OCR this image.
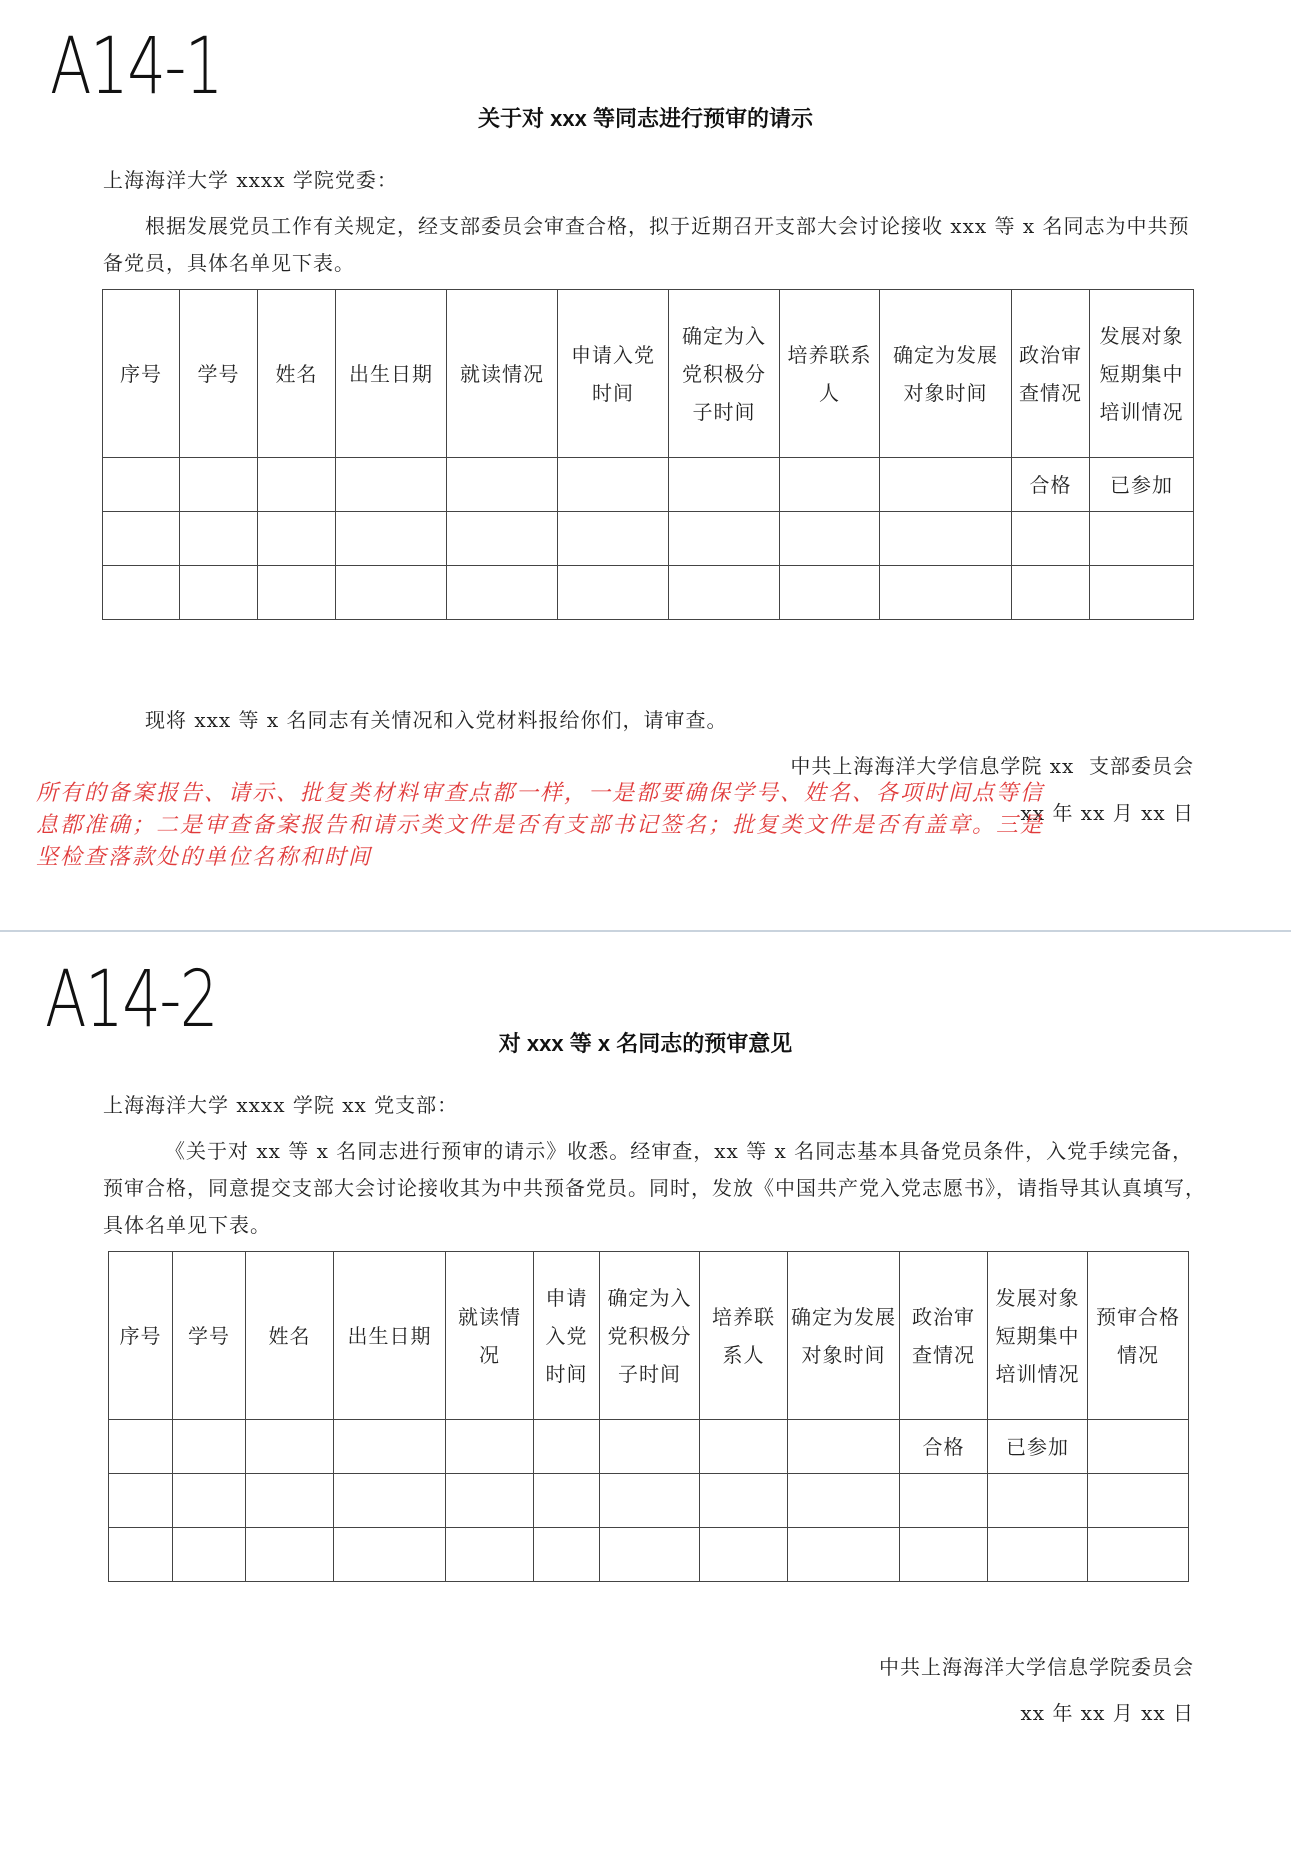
A14-1
关于对 xxx 等同志进行预审的请示
上海海洋大学 xxxx 学院党委：
根据发展党员工作有关规定，经支部委员会审查合格，拟于近期召开支部大会讨论接收 xxx 等 x 名同志为中共预备党员，具体名单见下表。
序号	学号	姓名	出生日期	就读情况	申请入党时间	确定为入党积极分子时间	培养联系人	确定为发展对象时间	政治审查情况	发展对象短期集中培训情况
									合格	已参加

现将 xxx 等 x 名同志有关情况和入党材料报给你们，请审查。
中共上海海洋大学信息学院 xx  支部委员会
xx 年 xx 月 xx 日
所有的备案报告、请示、批复类材料审查点都一样，一是都要确保学号、姓名、各项时间点等信息都准确；二是审查备案报告和请示类文件是否有支部书记签名；批复类文件是否有盖章。三是坚检查落款处的单位名称和时间
A14-2	对 xxx 等 x 名同志的预审意见
上海海洋大学 xxxx 学院 xx 党支部：
《关于对 xx 等 x 名同志进行预审的请示》收悉。经审查，xx 等 x 名同志基本具备党员条件，入党手续完备，预审合格，同意提交支部大会讨论接收其为中共预备党员。同时，发放《中国共产党入党志愿书》，请指导其认真填写，具体名单见下表。
序号	学号	姓名	出生日期	就读情况	申请入党时间	确定为入党积极分子时间	培养联系人	确定为发展对象时间	政治审查情况	发展对象短期集中培训情况	预审合格情况
									合格	已参加	

中共上海海洋大学信息学院委员会
xx 年 xx 月 xx 日
